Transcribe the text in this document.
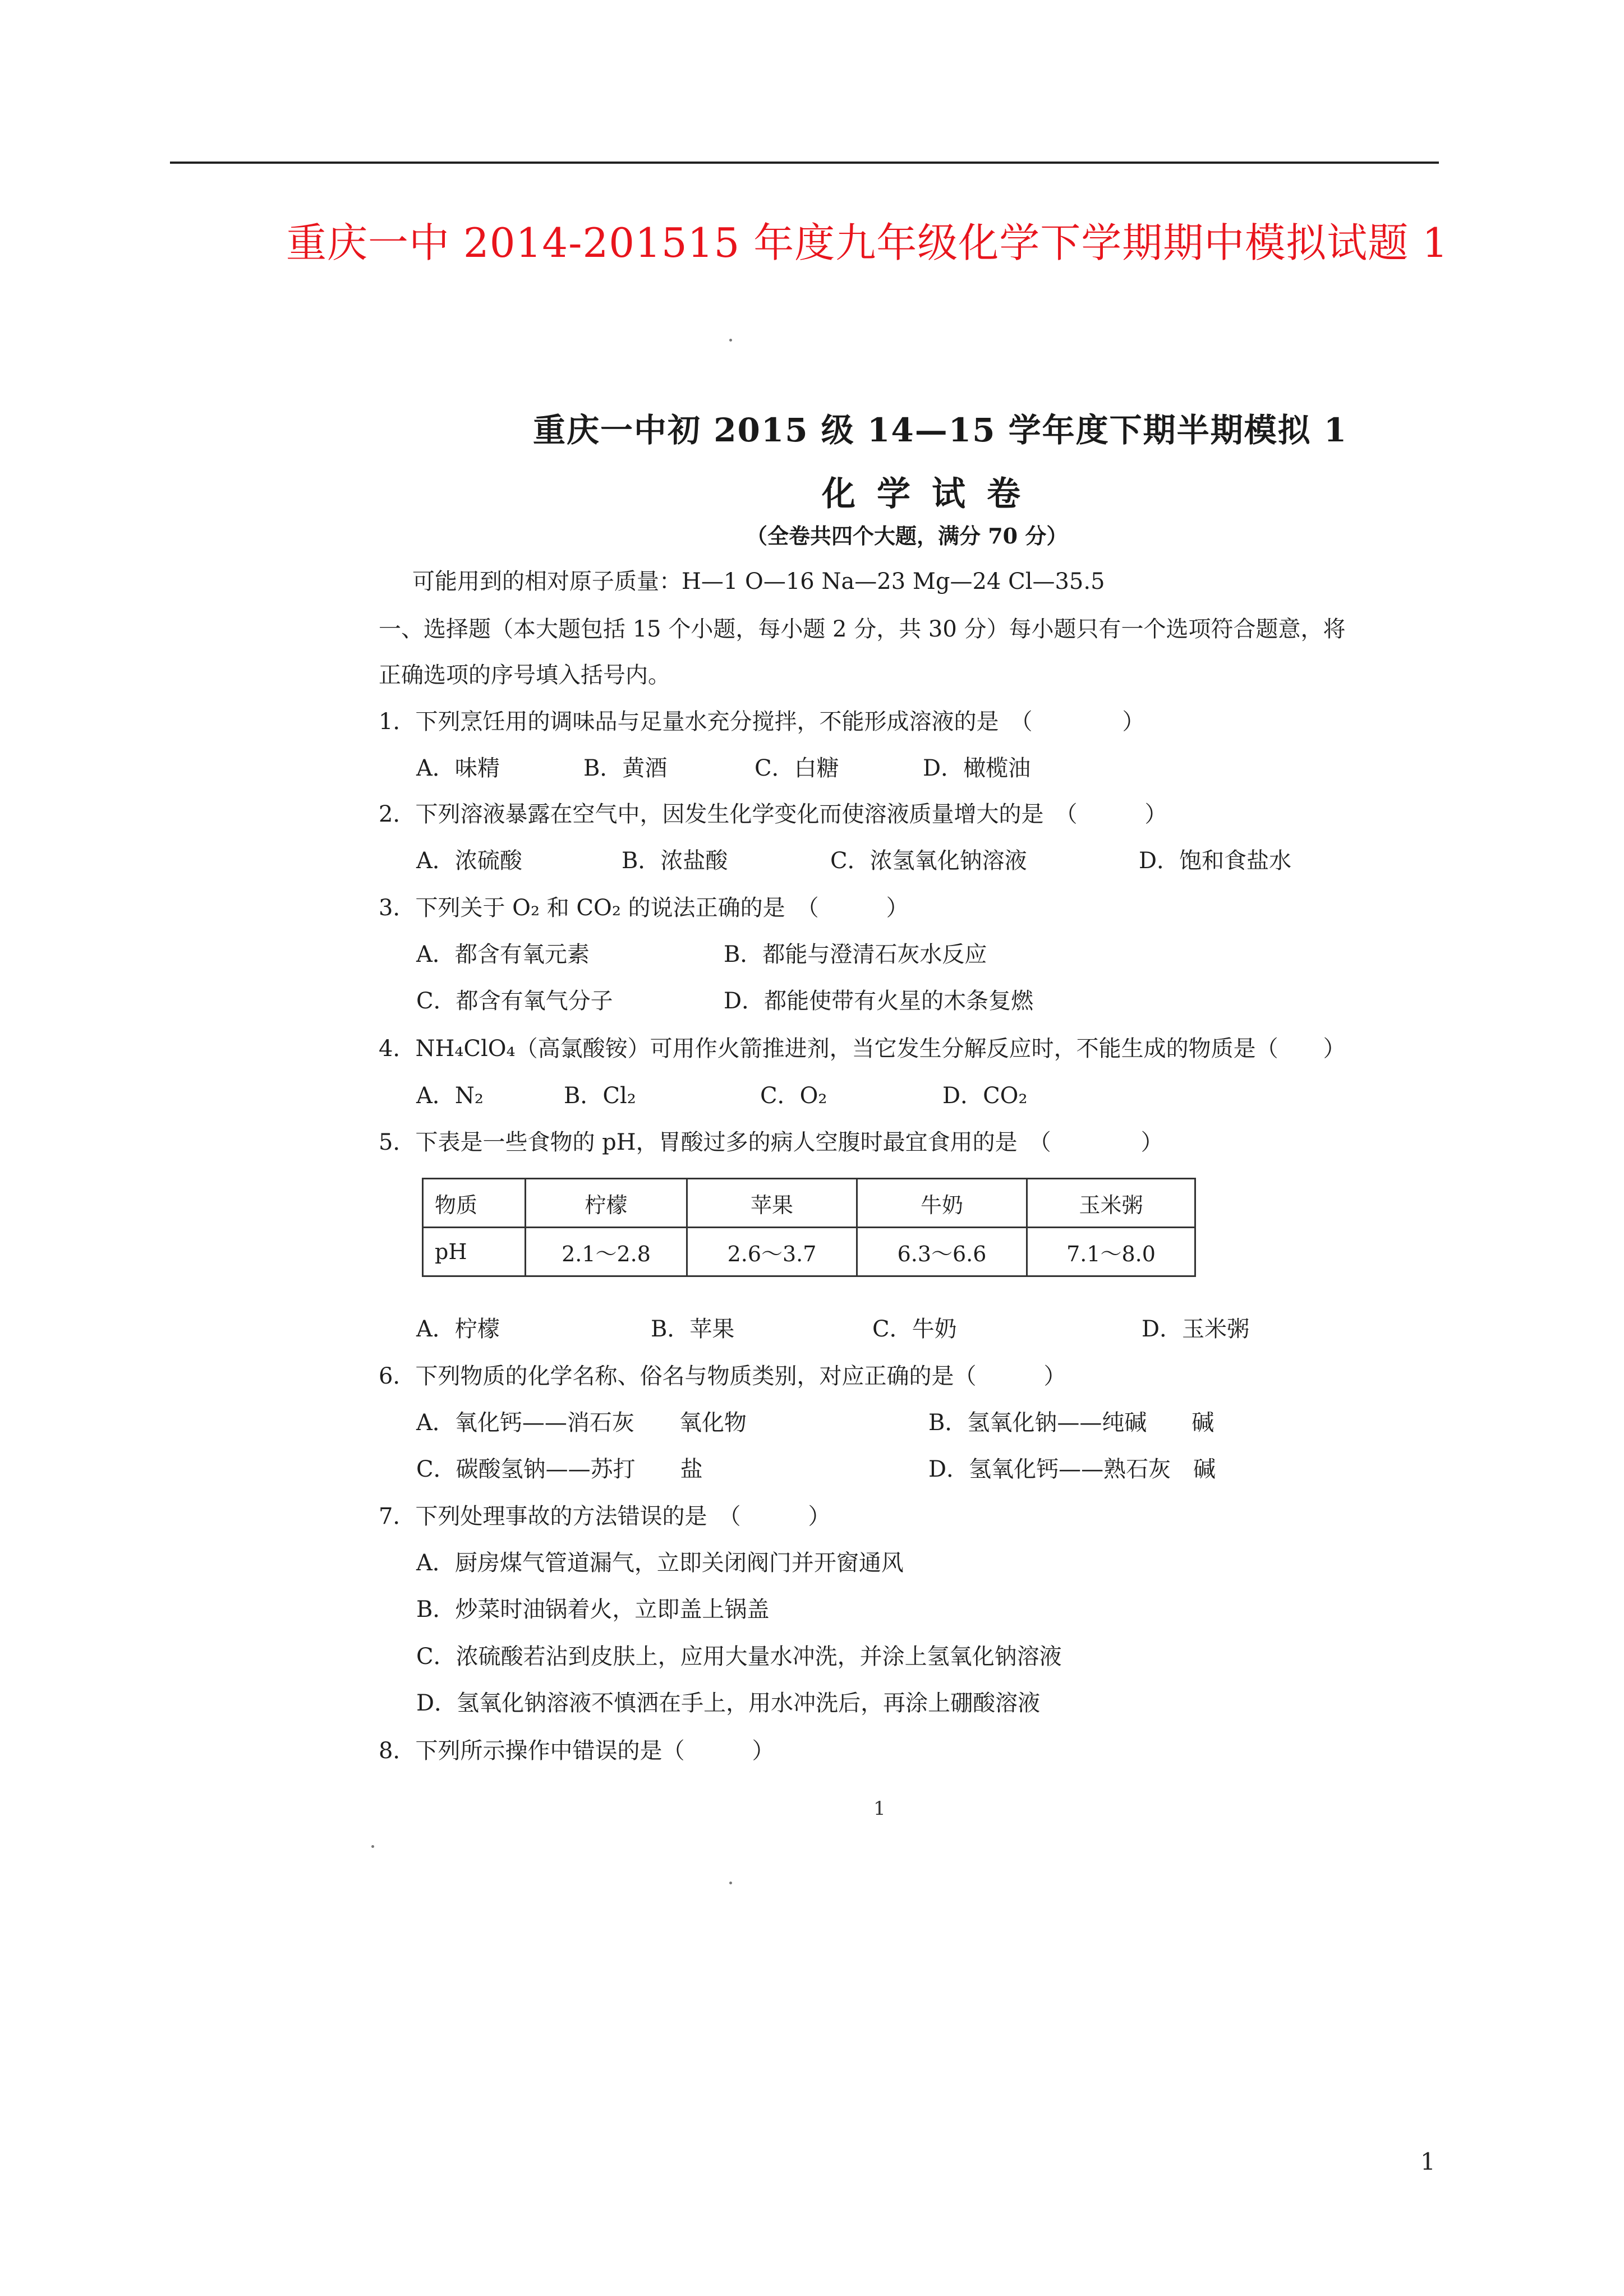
重庆一中 2014-201515 年度九年级化学下学期期中模拟试题 1
重庆一中初 2015 级 14—15 学年度下期半期模拟 1
化学试卷
（全卷共四个大题，满分 70 分）
可能用到的相对原子质量：H—1 O—16 Na—23 Mg—24 Cl—35.5
一、选择题（本大题包括 15 个小题，每小题 2 分，共 30 分）每小题只有一个选项符合题意，将
正确选项的序号填入括号内。
1．下列烹饪用的调味品与足量水充分搅拌，不能形成溶液的是　（　　　　）
A．味精	B．黄酒	C．白糖	D．橄榄油
2．下列溶液暴露在空气中，因发生化学变化而使溶液质量增大的是　（　　　）
A．浓硫酸	B．浓盐酸	C．浓氢氧化钠溶液	D．饱和食盐水
3．下列关于 O₂ 和 CO₂ 的说法正确的是　（　　　）
A．都含有氧元素	B．都能与澄清石灰水反应
C．都含有氧气分子	D．都能使带有火星的木条复燃
4．NH₄ClO₄（高氯酸铵）可用作火箭推进剂，当它发生分解反应时，不能生成的物质是（　　）
A．N₂	B．Cl₂	C．O₂	D．CO₂
5．下表是一些食物的 pH，胃酸过多的病人空腹时最宜食用的是　（　　　　）
物质	柠檬	苹果	牛奶	玉米粥
pH	2.1～2.8	2.6～3.7	6.3～6.6	7.1～8.0
A．柠檬	B．苹果	C．牛奶	D．玉米粥
6．下列物质的化学名称、俗名与物质类别，对应正确的是（　　　）
A．氧化钙——消石灰　　氧化物	B．氢氧化钠——纯碱　　碱
C．碳酸氢钠——苏打　　盐	D．氢氧化钙——熟石灰　碱
7．下列处理事故的方法错误的是　（　　　）
A．厨房煤气管道漏气，立即关闭阀门并开窗通风
B．炒菜时油锅着火，立即盖上锅盖
C．浓硫酸若沾到皮肤上，应用大量水冲洗，并涂上氢氧化钠溶液
D．氢氧化钠溶液不慎洒在手上，用水冲洗后，再涂上硼酸溶液
8．下列所示操作中错误的是（　　　）
1
1
